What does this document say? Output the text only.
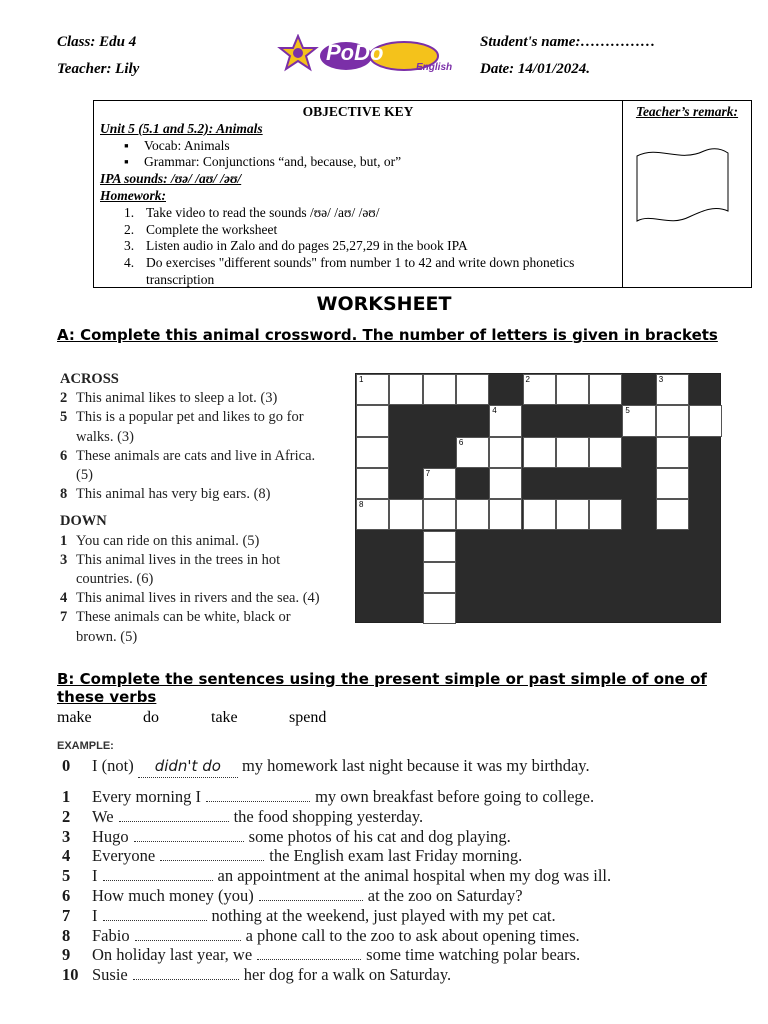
Class: Edu 4
Teacher: Lily
Student's name:……………
Date: 14/01/2024.
PoDo
English
OBJECTIVE KEY
Unit 5 (5.1 and 5.2): Animals
▪ Vocab: Animals
▪ Grammar: Conjunctions “and, because, but, or”
IPA sounds: /ʊə/ /aʊ/ /əʊ/
Homework:
1. Take video to read the sounds /ʊə/ /aʊ/ /əʊ/
2. Complete the worksheet
3. Listen audio in Zalo and do pages 25,27,29 in the book IPA
4. Do exercises "different sounds" from number 1 to 42 and write down phonetics transcription
Teacher’s remark:
WORKSHEET
A: Complete this animal crossword. The number of letters is given in brackets
ACROSS
2 This animal likes to sleep a lot. (3)
5 This is a popular pet and likes to go for walks. (3)
6 These animals are cats and live in Africa. (5)
8 This animal has very big ears. (8)
DOWN
1 You can ride on this animal. (5)
3 This animal lives in the trees in hot countries. (6)
4 This animal lives in rivers and the sea. (4)
7 These animals can be white, black or brown. (5)
1	2	3
4	5
6
7
8
B: Complete the sentences using the present simple or past simple of one of these verbs
make	do	take	spend
EXAMPLE:
0 I (not) didn't do my homework last night because it was my birthday.
1 Every morning I	my own breakfast before going to college.
2 We	the food shopping yesterday.
3 Hugo	some photos of his cat and dog playing.
4 Everyone	the English exam last Friday morning.
5 I	an appointment at the animal hospital when my dog was ill.
6 How much money (you)	at the zoo on Saturday?
7 I	nothing at the weekend, just played with my pet cat.
8 Fabio	a phone call to the zoo to ask about opening times.
9 On holiday last year, we	some time watching polar bears.
10 Susie	her dog for a walk on Saturday.
